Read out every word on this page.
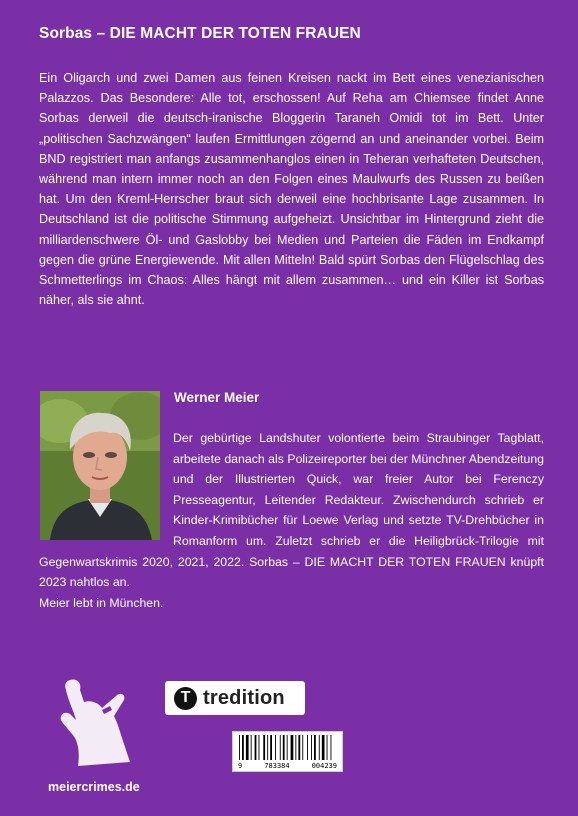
Sorbas – DIE MACHT DER TOTEN FRAUEN
Ein Oligarch und zwei Damen aus feinen Kreisen nackt im Bett eines venezianischen Palazzos. Das Besondere: Alle tot, erschossen! Auf Reha am Chiemsee findet Anne Sorbas derweil die deutsch-iranische Bloggerin Taraneh Omidi tot im Bett. Unter „politischen Sachzwängen“ laufen Ermittlungen zögernd an und aneinander vorbei. Beim BND registriert man anfangs zusammenhanglos einen in Teheran verhafteten Deutschen, während man intern immer noch an den Folgen eines Maulwurfs des Russen zu beißen hat. Um den Kreml-Herrscher braut sich derweil eine hochbrisante Lage zusammen. In Deutschland ist die politische Stimmung aufgeheizt. Unsichtbar im Hintergrund zieht die milliardenschwere Öl- und Gaslobby bei Medien und Parteien die Fäden im Endkampf gegen die grüne Energiewende. Mit allen Mitteln! Bald spürt Sorbas den Flügelschlag des Schmetterlings im Chaos: Alles hängt mit allem zusammen… und ein Killer ist Sorbas näher, als sie ahnt.
Werner Meier

Der gebürtige Landshuter volontierte beim Straubinger Tagblatt, arbeitete danach als Polizeireporter bei der Münchner Abendzeitung und der Illustrierten Quick, war freier Autor bei Ferenczy Presseagentur, Leitender Redakteur. Zwischendurch schrieb er Kinder-Krimibücher für Loewe Verlag und setzte TV-Drehbücher in Romanform um. Zuletzt schrieb er die Heiligbrück-Trilogie mit Gegenwartskrimis 2020, 2021, 2022. Sorbas – DIE MACHT DER TOTEN FRAUEN knüpft 2023 nahtlos an.
Meier lebt in München.

meiercrimes.de
T tredition
9	783384	004239
